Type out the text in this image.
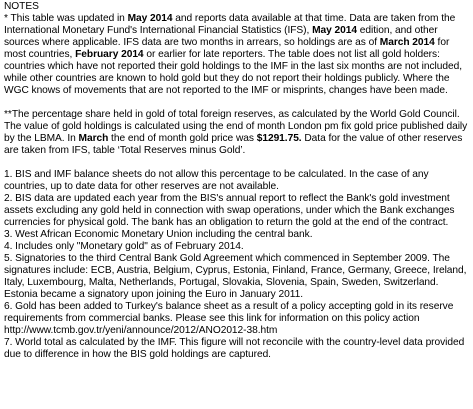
NOTES

* This table was updated in May 2014 and reports data available at that time. Data are taken from the International Monetary Fund's International Financial Statistics (IFS), May 2014 edition, and other sources where applicable. IFS data are two months in arrears, so holdings are as of March 2014 for most countries, February 2014 or earlier for late reporters. The table does not list all gold holders: countries which have not reported their gold holdings to the IMF in the last six months are not included, while other countries are known to hold gold but they do not report their holdings publicly. Where the WGC knows of movements that are not reported to the IMF or misprints, changes have been made.

**The percentage share held in gold of total foreign reserves, as calculated by the World Gold Council. The value of gold holdings is calculated using the end of month London pm fix gold price published daily by the LBMA. In March the end of month gold price was $1291.75. Data for the value of other reserves are taken from IFS, table ‘Total Reserves minus Gold’.

1. BIS and IMF balance sheets do not allow this percentage to be calculated. In the case of any countries, up to date data for other reserves are not available.

2. BIS data are updated each year from the BIS's annual report to reflect the Bank's gold investment assets excluding any gold held in connection with swap operations, under which the Bank exchanges currencies for physical gold. The bank has an obligation to return the gold at the end of the contract.

3. West African Economic Monetary Union including the central bank.

4. Includes only "Monetary gold" as of February 2014.

5. Signatories to the third Central Bank Gold Agreement which commenced in September 2009. The signatures include: ECB, Austria, Belgium, Cyprus, Estonia, Finland, France, Germany, Greece, Ireland, Italy, Luxembourg, Malta, Netherlands, Portugal, Slovakia, Slovenia, Spain, Sweden, Switzerland. Estonia became a signatory upon joining the Euro in January 2011.

6. Gold has been added to Turkey's balance sheet as a result of a policy accepting gold in its reserve requirements from commercial banks. Please see this link for information on this policy action http://www.tcmb.gov.tr/yeni/announce/2012/ANO2012-38.htm

7. World total as calculated by the IMF. This figure will not reconcile with the country-level data provided due to difference in how the BIS gold holdings are captured.
